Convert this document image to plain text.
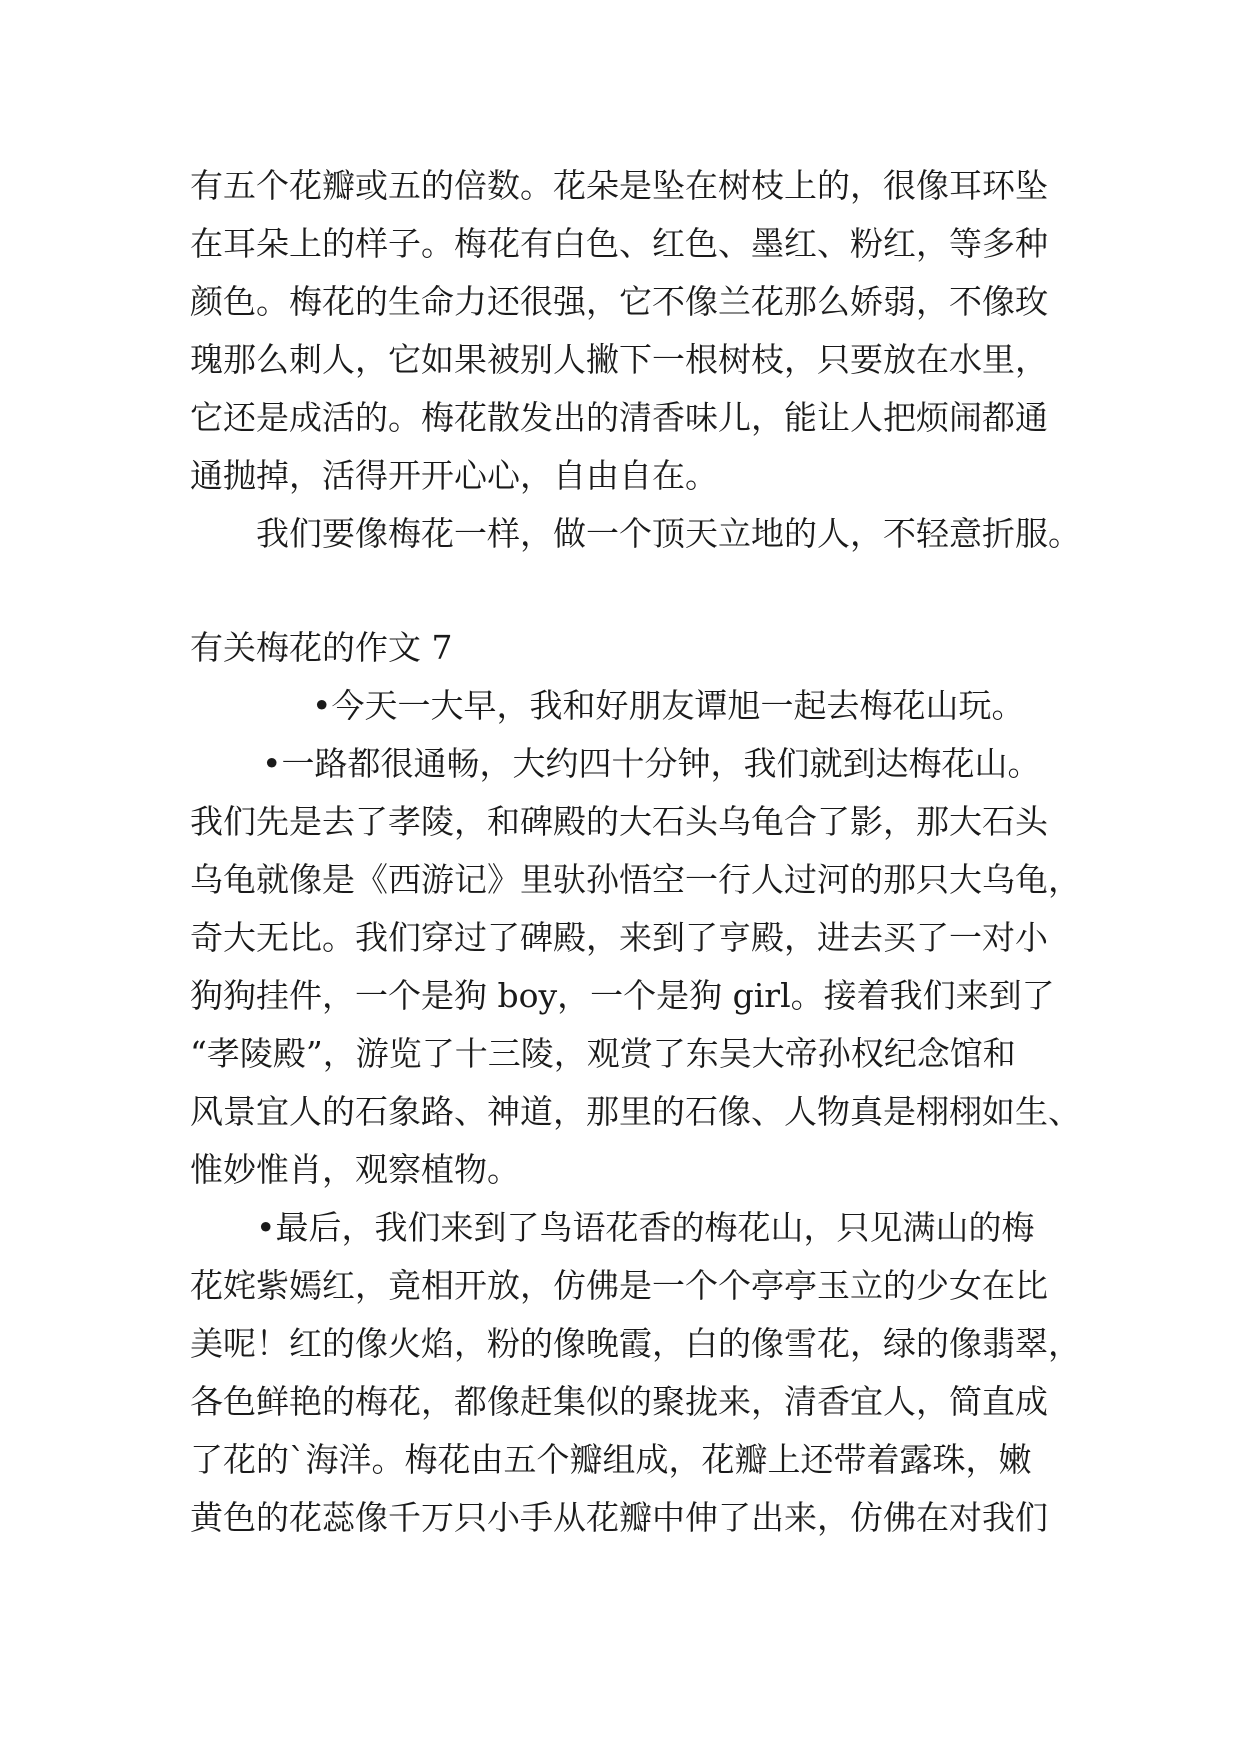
有五个花瓣或五的倍数。花朵是坠在树枝上的，很像耳环坠
在耳朵上的样子。梅花有白色、红色、墨红、粉红，等多种
颜色。梅花的生命力还很强，它不像兰花那么娇弱，不像玫
瑰那么刺人，它如果被别人撇下一根树枝，只要放在水里，
它还是成活的。梅花散发出的清香味儿，能让人把烦闹都通
通抛掉，活得开开心心，自由自在。
我们要像梅花一样，做一个顶天立地的人，不轻意折服。
有关梅花的作文 7
•今天一大早，我和好朋友谭旭一起去梅花山玩。
•一路都很通畅，大约四十分钟，我们就到达梅花山。
我们先是去了孝陵，和碑殿的大石头乌龟合了影，那大石头
乌龟就像是《西游记》里驮孙悟空一行人过河的那只大乌龟，
奇大无比。我们穿过了碑殿，来到了亨殿，进去买了一对小
狗狗挂件，一个是狗 boy，一个是狗 girl。接着我们来到了
“孝陵殿”，游览了十三陵，观赏了东吴大帝孙权纪念馆和
风景宜人的石象路、神道，那里的石像、人物真是栩栩如生、
惟妙惟肖，观察植物。
•最后，我们来到了鸟语花香的梅花山，只见满山的梅
花姹紫嫣红，竟相开放，仿佛是一个个亭亭玉立的少女在比
美呢！红的像火焰，粉的像晚霞，白的像雪花，绿的像翡翠，
各色鲜艳的梅花，都像赶集似的聚拢来，清香宜人，简直成
了花的`海洋。梅花由五个瓣组成，花瓣上还带着露珠，嫩
黄色的花蕊像千万只小手从花瓣中伸了出来，仿佛在对我们
